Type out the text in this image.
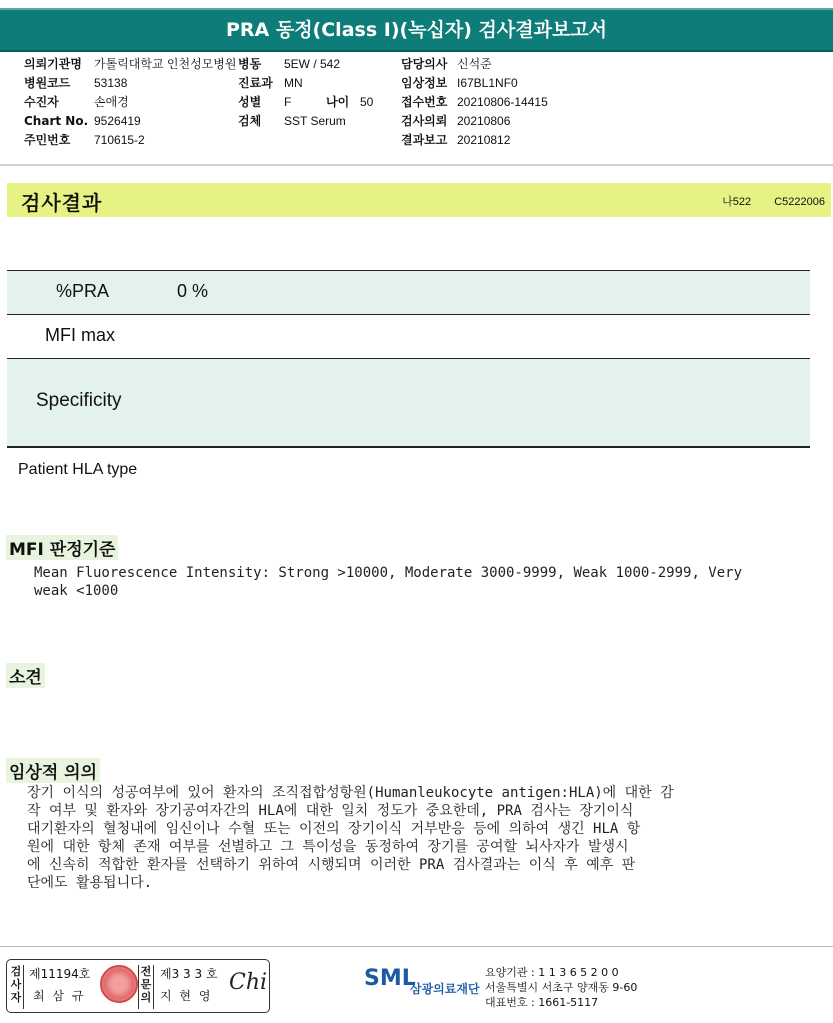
PRA 동정(Class I)(녹십자) 검사결과보고서
의뢰기관명 가톨릭대학교 인천성모병원
병원코드 53138
수진자	손애경
Chart No. 9526419
주민번호 710615-2
병동 5EW / 542
진료과 MN
성별 F	나이 50
검체 SST Serum
담당의사 신석준
임상정보 I67BL1NF0
접수번호 20210806-14415
검사의뢰 20210806
결과보고 20210812
검사결과	나522 C5222006
%PRA	0 %
MFI max
Specificity
Patient HLA type
MFI 판정기준
Mean Fluorescence Intensity: Strong >10000, Moderate 3000-9999, Weak 1000-2999, Very
weak <1000
소견
임상적 의의
장기 이식의 성공여부에 있어 환자의 조직접합성항원(Humanleukocyte antigen:HLA)에 대한 감
작 여부 및 환자와 장기공여자간의 HLA에 대한 일치 정도가 중요한데, PRA 검사는 장기이식
대기환자의 혈청내에 임신이나 수혈 또는 이전의 장기이식 거부반응 등에 의하여 생긴 HLA 항
원에 대한 항체 존재 여부를 선별하고 그 특이성을 동정하여 장기를 공여할 뇌사자가 발생시
에 신속히 적합한 환자를 선택하기 위하여 시행되며 이러한 PRA 검사결과는 이식 후 예후 판
단에도 활용됩니다.
검사자
제11194호
최 삼 규
전문의
제3 3 3 호
지 현 영
Chi	SML
삼광의료재단
요양기관 : 1 1 3 6 5 2 0 0
서울특별시 서초구 양재동 9-60
대표번호 : 1661-5117
